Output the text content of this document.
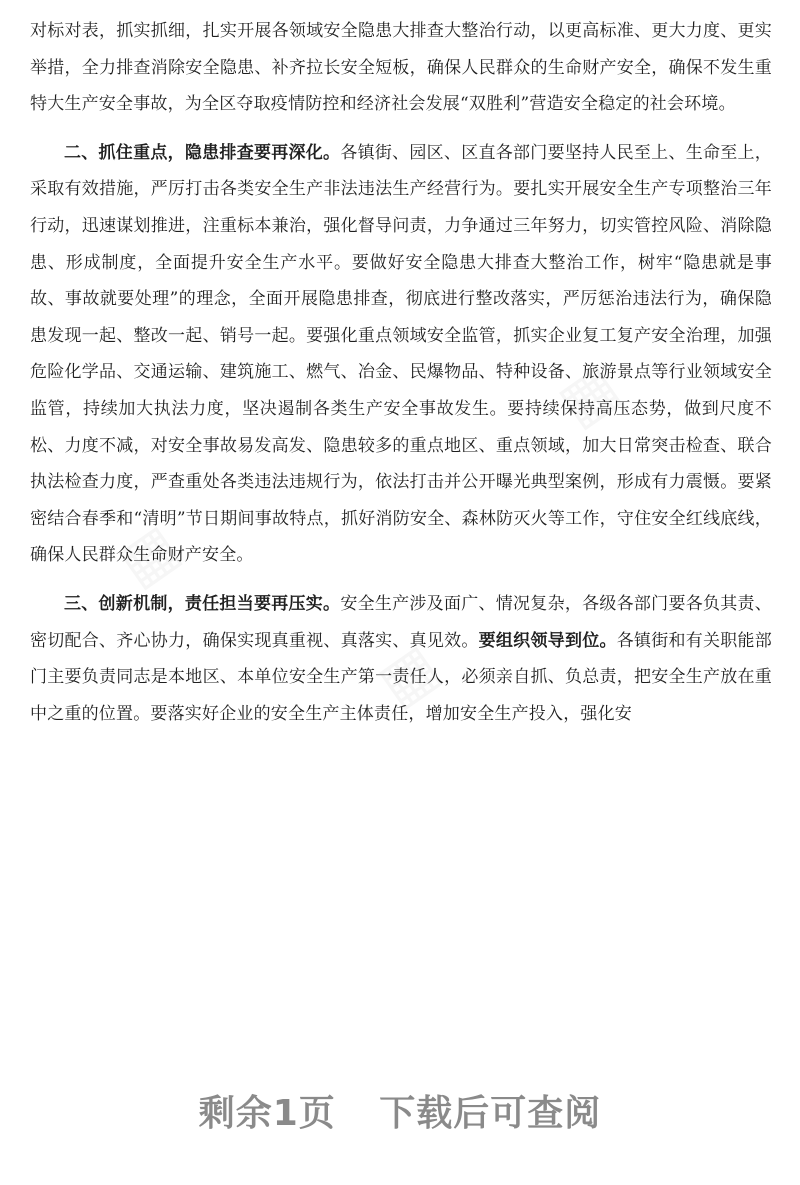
对标对表，抓实抓细，扎实开展各领域安全隐患大排查大整治行动，以更高标准、更大力度、更实举措，全力排查消除安全隐患、补齐拉长安全短板，确保人民群众的生命财产安全，确保不发生重特大生产安全事故，为全区夺取疫情防控和经济社会发展“双胜利”营造安全稳定的社会环境。

二、抓住重点，隐患排查要再深化。各镇街、园区、区直各部门要坚持人民至上、生命至上，采取有效措施，严厉打击各类安全生产非法违法生产经营行为。要扎实开展安全生产专项整治三年行动，迅速谋划推进，注重标本兼治，强化督导问责，力争通过三年努力，切实管控风险、消除隐患、形成制度，全面提升安全生产水平。要做好安全隐患大排查大整治工作，树牢“隐患就是事故、事故就要处理”的理念，全面开展隐患排查，彻底进行整改落实，严厉惩治违法行为，确保隐患发现一起、整改一起、销号一起。要强化重点领域安全监管，抓实企业复工复产安全治理，加强危险化学品、交通运输、建筑施工、燃气、冶金、民爆物品、特种设备、旅游景点等行业领域安全监管，持续加大执法力度，坚决遏制各类生产安全事故发生。要持续保持高压态势，做到尺度不松、力度不减，对安全事故易发高发、隐患较多的重点地区、重点领域，加大日常突击检查、联合执法检查力度，严查重处各类违法违规行为，依法打击并公开曝光典型案例，形成有力震慑。要紧密结合春季和“清明”节日期间事故特点，抓好消防安全、森林防灭火等工作，守住安全红线底线，确保人民群众生命财产安全。

三、创新机制，责任担当要再压实。安全生产涉及面广、情况复杂，各级各部门要各负其责、密切配合、齐心协力，确保实现真重视、真落实、真见效。要组织领导到位。各镇街和有关职能部门主要负责同志是本地区、本单位安全生产第一责任人，必须亲自抓、负总责，把安全生产放在重中之重的位置。要落实好企业的安全生产主体责任，增加安全生产投入，强化安

剩余1页 下载后可查阅
